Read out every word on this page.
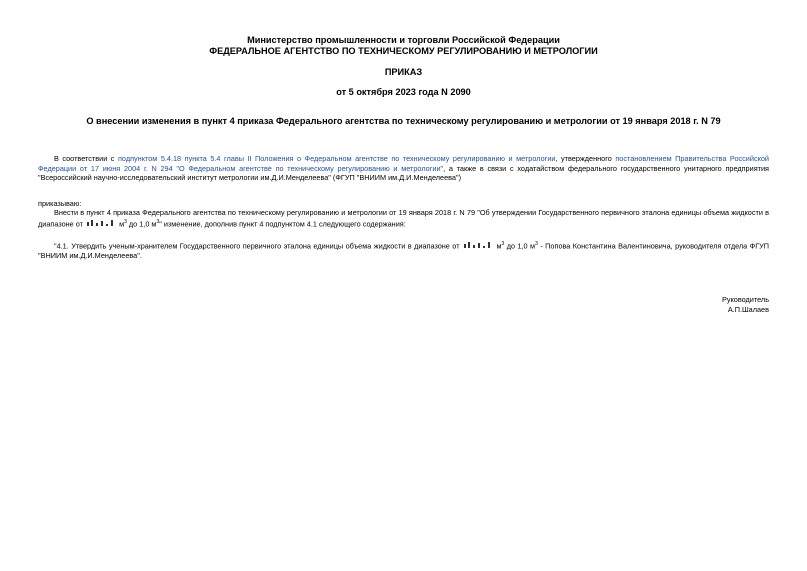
Министерство промышленности и торговли Российской Федерации
ФЕДЕРАЛЬНОЕ АГЕНТСТВО ПО ТЕХНИЧЕСКОМУ РЕГУЛИРОВАНИЮ И МЕТРОЛОГИИ
ПРИКАЗ
от 5 октября 2023 года N 2090
О внесении изменения в пункт 4 приказа Федерального агентства по техническому регулированию и метрологии от 19 января 2018 г. N 79
В соответствии с подпунктом 5.4.18 пункта 5.4 главы II Положения о Федеральном агентстве по техническому регулированию и метрологии, утвержденного постановлением Правительства Российской Федерации от 17 июня 2004 г. N 294 "О Федеральном агентстве по техническому регулированию и метрологии", а также в связи с ходатайством федерального государственного унитарного предприятия "Всероссийский научно-исследовательский институт метрологии им.Д.И.Менделеева" (ФГУП "ВНИИМ им.Д.И.Менделеева")
приказываю:
Внести в пункт 4 приказа Федерального агентства по техническому регулированию и метрологии от 19 января 2018 г. N 79 "Об утверждении Государственного первичного эталона единицы объема жидкости в диапазоне от	$м^3$ до 1,0 $м^3$" изменение, дополнив пункт 4 подпунктом 4.1 следующего содержания:
"4.1. Утвердить ученым-хранителем Государственного первичного эталона единицы объема жидкости в диапазоне от	$м^3$ до 1,0 $м^3$ - Попова Константина Валентиновича, руководителя отдела ФГУП "ВНИИМ им.Д.И.Менделеева".
Руководитель
А.П.Шалаев
